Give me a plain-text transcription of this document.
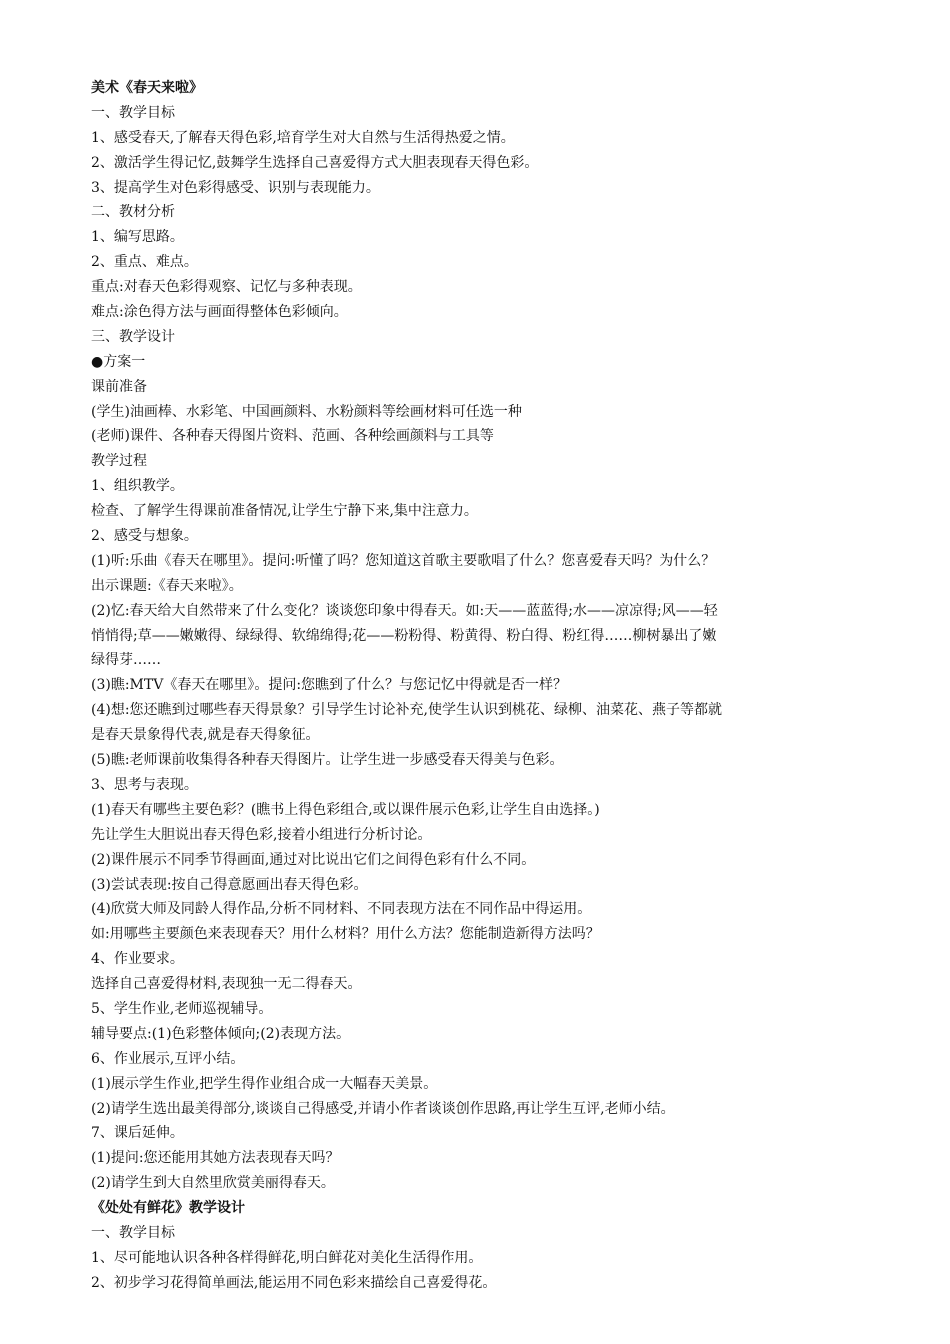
美术《春天来啦》
一、教学目标
1、感受春天,了解春天得色彩,培育学生对大自然与生活得热爱之情。
2、激活学生得记忆,鼓舞学生选择自己喜爱得方式大胆表现春天得色彩。
3、提高学生对色彩得感受、识别与表现能力。
二、教材分析
1、编写思路。
2、重点、难点。
重点:对春天色彩得观察、记忆与多种表现。
难点:涂色得方法与画面得整体色彩倾向。
三、教学设计
●方案一
课前准备
(学生)油画棒、水彩笔、中国画颜料、水粉颜料等绘画材料可任选一种
(老师)课件、各种春天得图片资料、范画、各种绘画颜料与工具等
教学过程
1、组织教学。
检查、了解学生得课前准备情况,让学生宁静下来,集中注意力。
2、感受与想象。
(1)听:乐曲《春天在哪里》。提问:听懂了吗？您知道这首歌主要歌唱了什么？您喜爱春天吗？为什么？
出示课题:《春天来啦》。
(2)忆:春天给大自然带来了什么变化？谈谈您印象中得春天。如:天——蓝蓝得;水——凉凉得;风——轻
悄悄得;草——嫩嫩得、绿绿得、软绵绵得;花——粉粉得、粉黄得、粉白得、粉红得……柳树暴出了嫩
绿得芽……
(3)瞧:MTV《春天在哪里》。提问:您瞧到了什么？与您记忆中得就是否一样？
(4)想:您还瞧到过哪些春天得景象？引导学生讨论补充,使学生认识到桃花、绿柳、油菜花、燕子等都就
是春天景象得代表,就是春天得象征。
(5)瞧:老师课前收集得各种春天得图片。让学生进一步感受春天得美与色彩。
3、思考与表现。
(1)春天有哪些主要色彩？(瞧书上得色彩组合,或以课件展示色彩,让学生自由选择。)
先让学生大胆说出春天得色彩,接着小组进行分析讨论。
(2)课件展示不同季节得画面,通过对比说出它们之间得色彩有什么不同。
(3)尝试表现:按自己得意愿画出春天得色彩。
(4)欣赏大师及同龄人得作品,分析不同材料、不同表现方法在不同作品中得运用。
如:用哪些主要颜色来表现春天？用什么材料？用什么方法？您能制造新得方法吗？
4、作业要求。
选择自己喜爱得材料,表现独一无二得春天。
5、学生作业,老师巡视辅导。
辅导要点:(1)色彩整体倾向;(2)表现方法。
6、作业展示,互评小结。
(1)展示学生作业,把学生得作业组合成一大幅春天美景。
(2)请学生选出最美得部分,谈谈自己得感受,并请小作者谈谈创作思路,再让学生互评,老师小结。
7、课后延伸。
(1)提问:您还能用其她方法表现春天吗？
(2)请学生到大自然里欣赏美丽得春天。
《处处有鲜花》教学设计
一、教学目标
1、尽可能地认识各种各样得鲜花,明白鲜花对美化生活得作用。
2、初步学习花得简单画法,能运用不同色彩来描绘自己喜爱得花。
